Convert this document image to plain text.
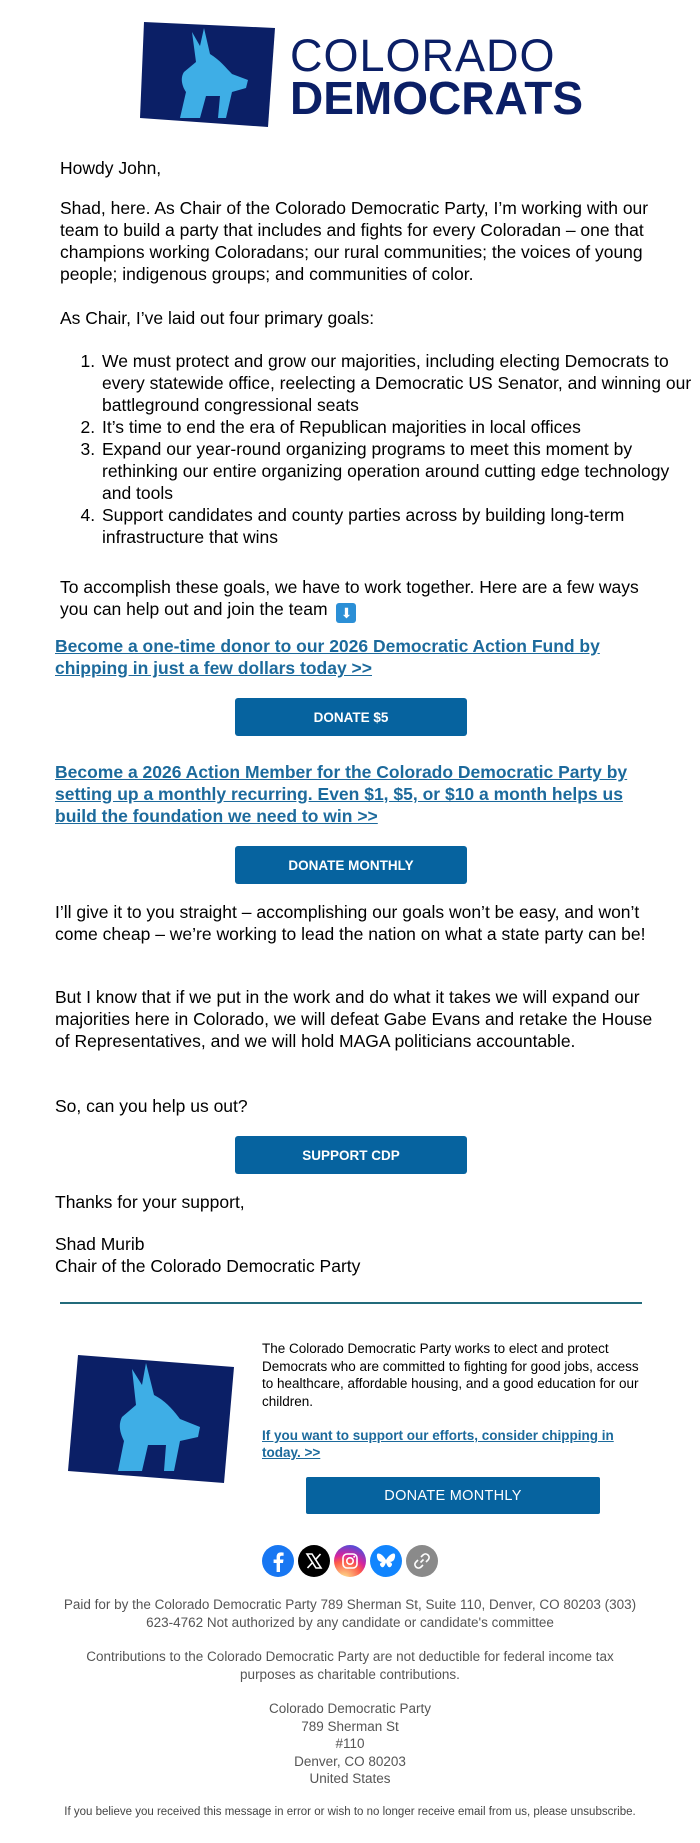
COLORADO
DEMOCRATS
Howdy John,
Shad, here. As Chair of the Colorado Democratic Party, I’m working with our team to build a party that includes and fights for every Coloradan – one that champions working Coloradans; our rural communities; the voices of young people; indigenous groups; and communities of color.
As Chair, I’ve laid out four primary goals:
1. We must protect and grow our majorities, including electing Democrats to every statewide office, reelecting a Democratic US Senator, and winning our battleground congressional seats
2. It’s time to end the era of Republican majorities in local offices
3. Expand our year-round organizing programs to meet this moment by rethinking our entire organizing operation around cutting edge technology and tools
4. Support candidates and county parties across by building long-term infrastructure that wins
To accomplish these goals, we have to work together. Here are a few ways you can help out and join the team ⬇
Become a one-time donor to our 2026 Democratic Action Fund by chipping in just a few dollars today >>
DONATE $5
Become a 2026 Action Member for the Colorado Democratic Party by setting up a monthly recurring. Even $1, $5, or $10 a month helps us build the foundation we need to win >>
DONATE MONTHLY
I’ll give it to you straight – accomplishing our goals won’t be easy, and won’t come cheap – we’re working to lead the nation on what a state party can be!
But I know that if we put in the work and do what it takes we will expand our majorities here in Colorado, we will defeat Gabe Evans and retake the House of Representatives, and we will hold MAGA politicians accountable.
So, can you help us out?
SUPPORT CDP
Thanks for your support,
Shad Murib
Chair of the Colorado Democratic Party
The Colorado Democratic Party works to elect and protect Democrats who are committed to fighting for good jobs, access to healthcare, affordable housing, and a good education for our children.
If you want to support our efforts, consider chipping in today. >>
DONATE MONTHLY
Paid for by the Colorado Democratic Party 789 Sherman St, Suite 110, Denver, CO 80203 (303) 623-4762 Not authorized by any candidate or candidate's committee
Contributions to the Colorado Democratic Party are not deductible for federal income tax purposes as charitable contributions.
Colorado Democratic Party
789 Sherman St
#110
Denver, CO 80203
United States
If you believe you received this message in error or wish to no longer receive email from us, please unsubscribe.
